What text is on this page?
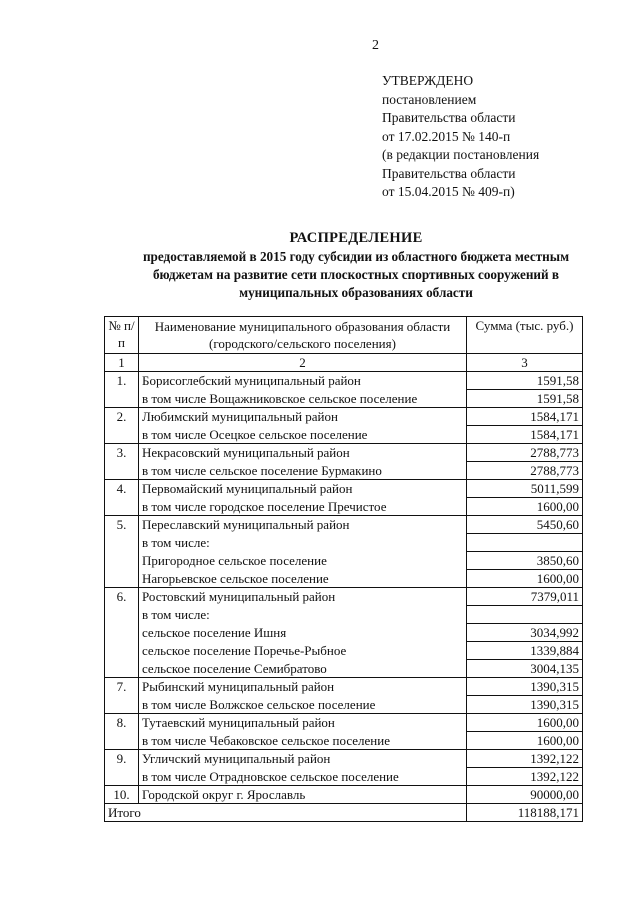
2
УТВЕРЖДЕНО
постановлением
Правительства области
от 17.02.2015 № 140-п
(в редакции постановления
Правительства области
от 15.04.2015 № 409-п)
РАСПРЕДЕЛЕНИЕ
предоставляемой в 2015 году субсидии из областного бюджета местным
бюджетам на развитие сети плоскостных спортивных сооружений в
муниципальных образованиях области
№ п/п	Наименование муниципального образования области (городского/сельского поселения)	Сумма (тыс. руб.)
1	2	3
1.	Борисоглебский муниципальный район	1591,58
	в том числе Вощажниковское сельское поселение	1591,58
2.	Любимский муниципальный район	1584,171
	в том числе Осецкое сельское поселение	1584,171
3.	Некрасовский муниципальный район	2788,773
	в том числе сельское поселение Бурмакино	2788,773
4.	Первомайский муниципальный район	5011,599
	в том числе городское поселение Пречистое	1600,00
5.	Переславский муниципальный район	5450,60
	в том числе:	
	Пригородное сельское поселение	3850,60
	Нагорьевское сельское поселение	1600,00
6.	Ростовский муниципальный район	7379,011
	в том числе:	
	сельское поселение Ишня	3034,992
	сельское поселение Поречье-Рыбное	1339,884
	сельское поселение Семибратово	3004,135
7.	Рыбинский муниципальный район	1390,315
	в том числе Волжское сельское поселение	1390,315
8.	Тутаевский муниципальный район	1600,00
	в том числе Чебаковское сельское поселение	1600,00
9.	Угличский муниципальный район	1392,122
	в том числе Отрадновское сельское поселение	1392,122
10.	Городской округ г. Ярославль	90000,00
Итого		118188,171
